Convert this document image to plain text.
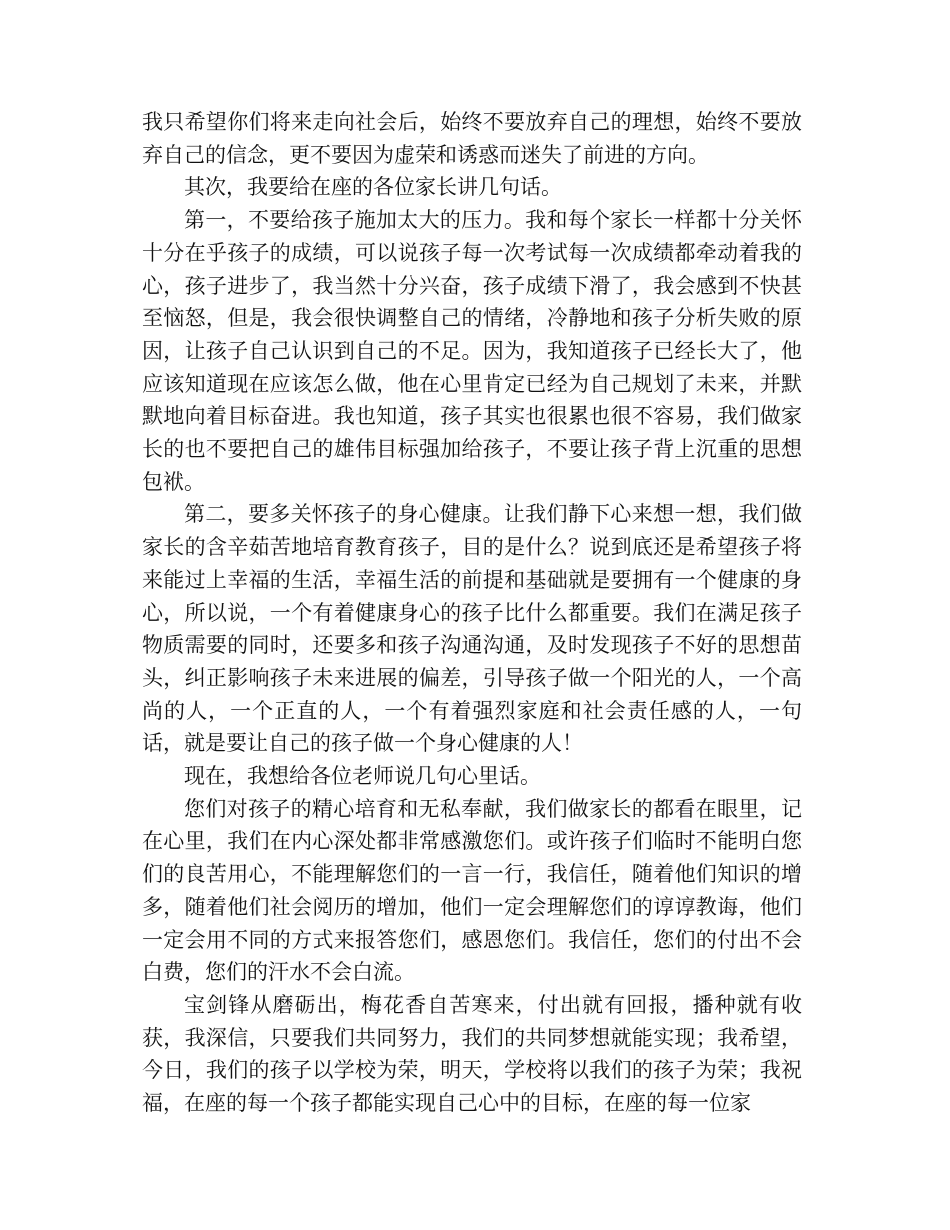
我只希望你们将来走向社会后，始终不要放弃自己的理想，始终不要放弃自己的信念，更不要因为虚荣和诱惑而迷失了前进的方向。

其次，我要给在座的各位家长讲几句话。

第一，不要给孩子施加太大的压力。我和每个家长一样都十分关怀十分在乎孩子的成绩，可以说孩子每一次考试每一次成绩都牵动着我的心，孩子进步了，我当然十分兴奋，孩子成绩下滑了，我会感到不快甚至恼怒，但是，我会很快调整自己的情绪，冷静地和孩子分析失败的原因，让孩子自己认识到自己的不足。因为，我知道孩子已经长大了，他应该知道现在应该怎么做，他在心里肯定已经为自己规划了未来，并默默地向着目标奋进。我也知道，孩子其实也很累也很不容易，我们做家长的也不要把自己的雄伟目标强加给孩子，不要让孩子背上沉重的思想包袱。

第二，要多关怀孩子的身心健康。让我们静下心来想一想，我们做家长的含辛茹苦地培育教育孩子，目的是什么？说到底还是希望孩子将来能过上幸福的生活，幸福生活的前提和基础就是要拥有一个健康的身心，所以说，一个有着健康身心的孩子比什么都重要。我们在满足孩子物质需要的同时，还要多和孩子沟通沟通，及时发现孩子不好的思想苗头，纠正影响孩子未来进展的偏差，引导孩子做一个阳光的人，一个高尚的人，一个正直的人，一个有着强烈家庭和社会责任感的人，一句话，就是要让自己的孩子做一个身心健康的人！

现在，我想给各位老师说几句心里话。

您们对孩子的精心培育和无私奉献，我们做家长的都看在眼里，记在心里，我们在内心深处都非常感激您们。或许孩子们临时不能明白您们的良苦用心，不能理解您们的一言一行，我信任，随着他们知识的增多，随着他们社会阅历的增加，他们一定会理解您们的谆谆教诲，他们一定会用不同的方式来报答您们，感恩您们。我信任，您们的付出不会白费，您们的汗水不会白流。

宝剑锋从磨砺出，梅花香自苦寒来，付出就有回报，播种就有收获，我深信，只要我们共同努力，我们的共同梦想就能实现；我希望，今日，我们的孩子以学校为荣，明天，学校将以我们的孩子为荣；我祝福，在座的每一个孩子都能实现自己心中的目标，在座的每一位家
